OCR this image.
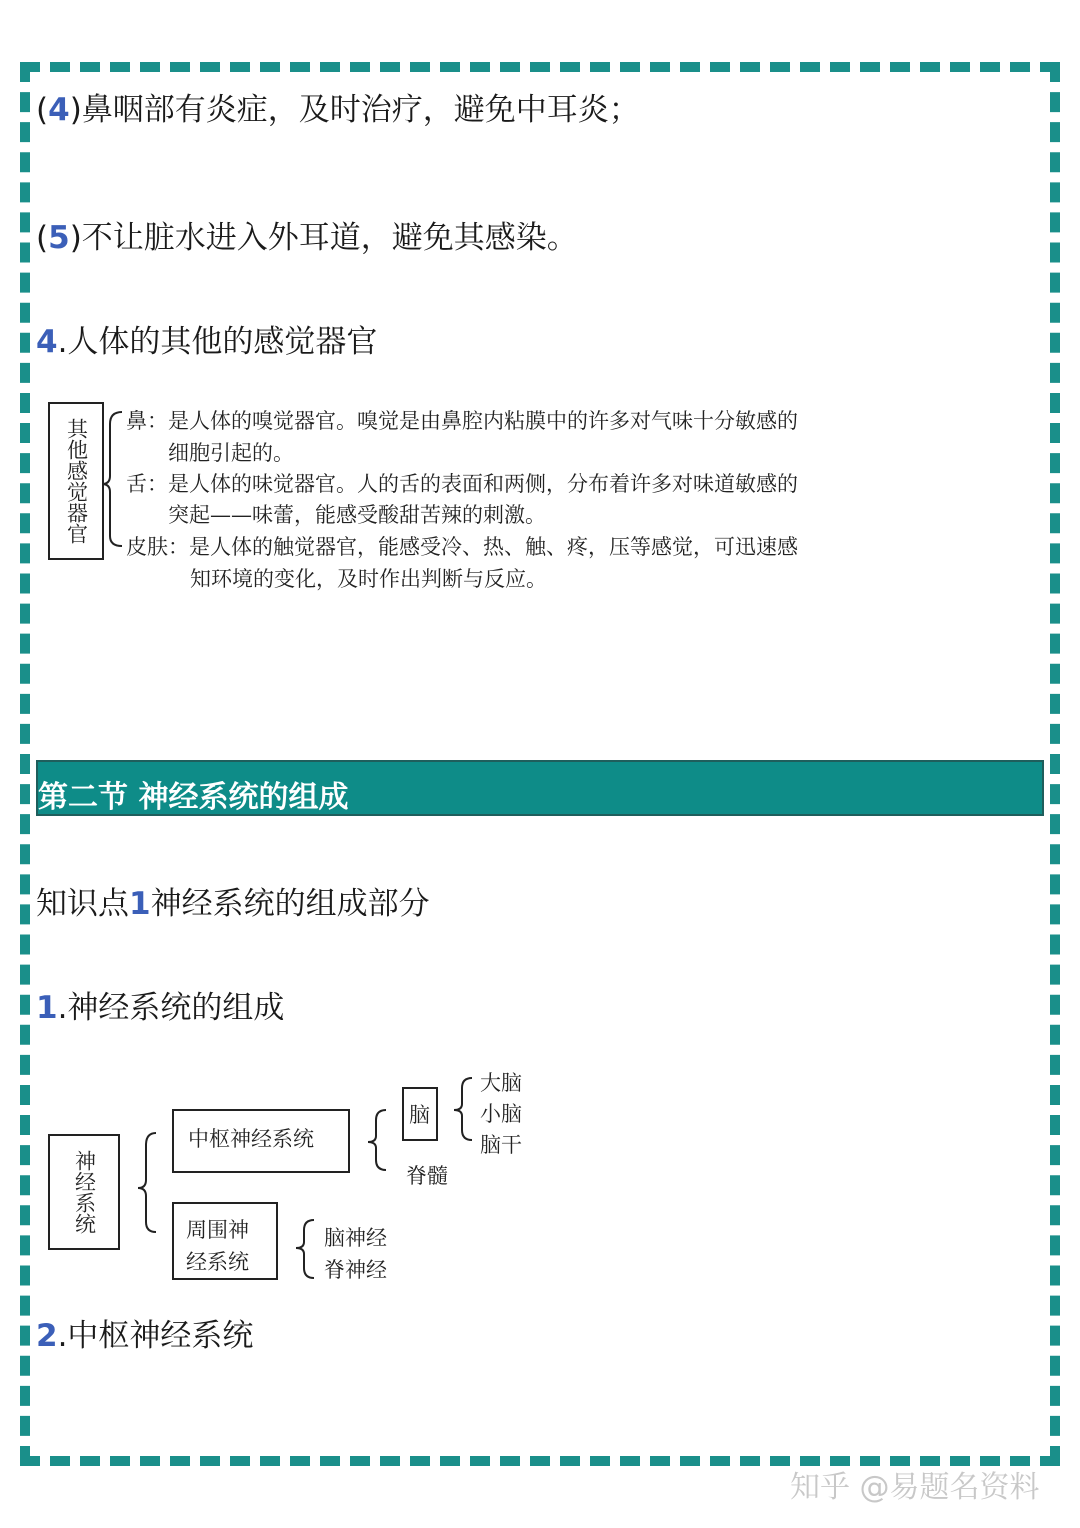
(4)鼻咽部有炎症，及时治疗，避免中耳炎；
(5)不让脏水进入外耳道，避免其感染。
4.人体的其他的感觉器官
其他感觉器官 鼻：是人体的嗅觉器官。嗅觉是由鼻腔内粘膜中的许多对气味十分敏感的
细胞引起的。
舌：是人体的味觉器官。人的舌的表面和两侧，分布着许多对味道敏感的
突起——味蕾，能感受酸甜苦辣的刺激。
皮肤：是人体的触觉器官，能感受冷、热、触、疼，压等感觉，可迅速感
知环境的变化，及时作出判断与反应。
第二节 神经系统的组成
知识点1神经系统的组成部分
1.神经系统的组成
神经系统
中枢神经系统
脑
大脑
小脑
脑干
脊髓
周围神
经系统
脑神经
脊神经
2.中枢神经系统
知乎 @易题名资料
